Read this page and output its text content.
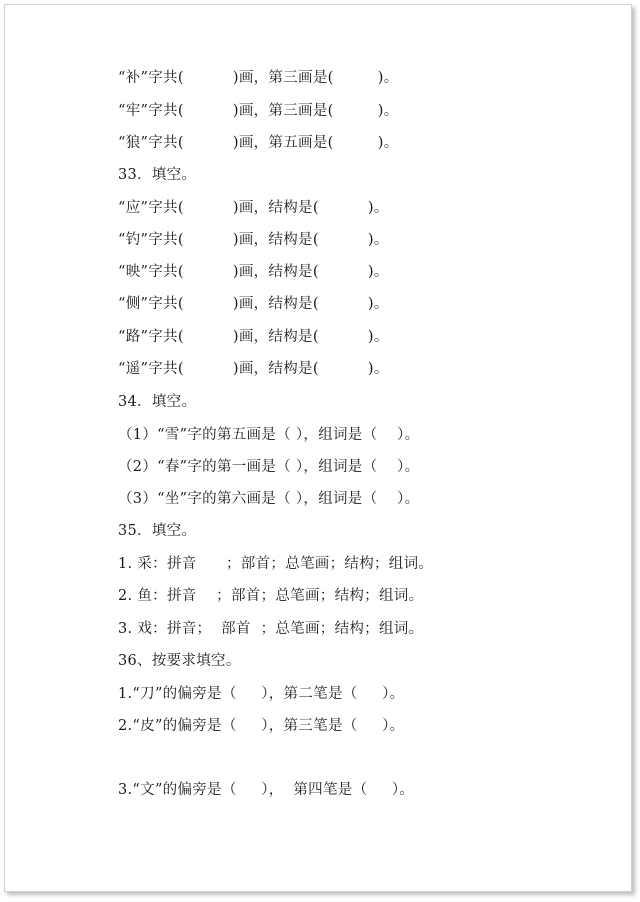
“补”字共(          )画，第三画是(         )。
“牢”字共(          )画，第三画是(         )。
“狼”字共(          )画，第五画是(         )。
33．填空。
“应”字共(          )画，结构是(          )。
“钓”字共(          )画，结构是(          )。
“映”字共(          )画，结构是(          )。
“侧”字共(          )画，结构是(          )。
“路”字共(          )画，结构是(          )。
“遥”字共(          )画，结构是(          )。
34．填空。
（1）“雪”字的第五画是（ ），组词是（    ）。
（2）“春”字的第一画是（ ），组词是（    ）。
（3）“坐”字的第六画是（ ），组词是（    ）。
35．填空。
1. 采：拼音      ；部首；总笔画；结构；组词。
2. 鱼：拼音    ；部首；总笔画；结构；组词。
3. 戏：拼音；  部首  ；总笔画；结构；组词。
36、按要求填空。
1.“刀”的偏旁是（     ），第二笔是（     ）。
2.“皮”的偏旁是（     ），第三笔是（     ）。
3.“文”的偏旁是（     ），  第四笔是（     ）。
